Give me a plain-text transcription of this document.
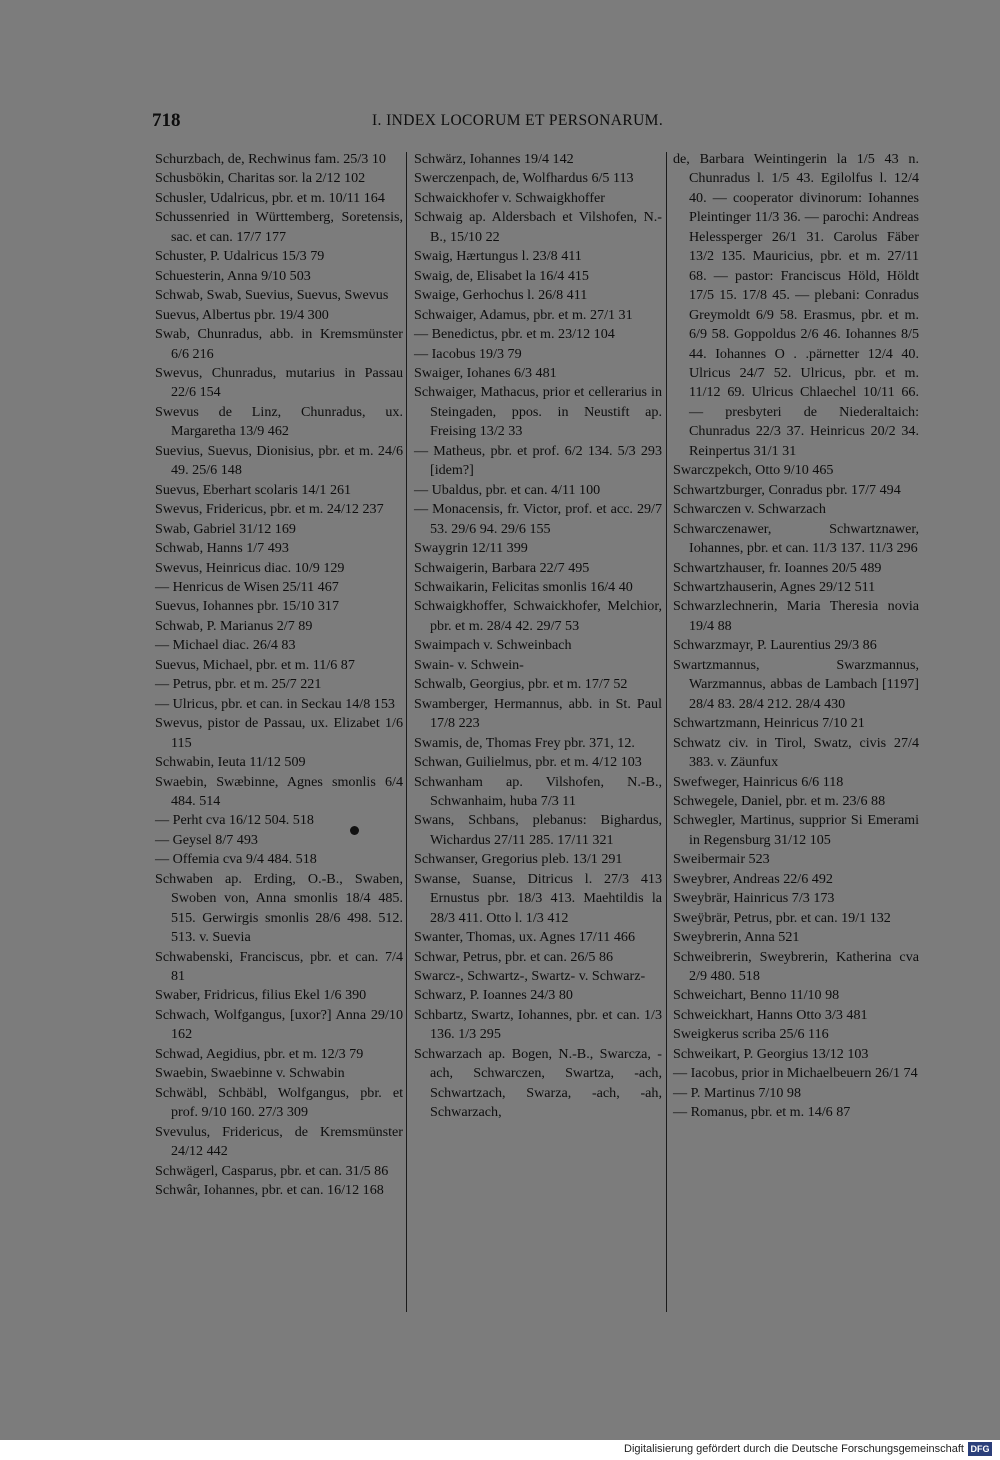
718	I. INDEX LOCORUM ET PERSONARUM.
Schurzbach, de, Rechwinus fam. 25/3 10
Schusbökin, Charitas sor. la 2/12 102
Schusler, Udalricus, pbr. et m. 10/11 164
Schussenried in Württemberg, Soretensis, sac. et can. 17/7 177
Schuster, P. Udalricus 15/3 79
Schuesterin, Anna 9/10 503
Schwab, Swab, Suevius, Suevus, Swevus
Suevus, Albertus pbr. 19/4 300
Swab, Chunradus, abb. in Kremsmünster 6/6 216
Swevus, Chunradus, mutarius in Passau 22/6 154
Swevus de Linz, Chunradus, ux. Margaretha 13/9 462
Suevius, Suevus, Dionisius, pbr. et m. 24/6 49. 25/6 148
Suevus, Eberhart scolaris 14/1 261
Swevus, Fridericus, pbr. et m. 24/12 237
Swab, Gabriel 31/12 169
Schwab, Hanns 1/7 493
Swevus, Heinricus diac. 10/9 129
— Henricus de Wisen 25/11 467
Suevus, Iohannes pbr. 15/10 317
Schwab, P. Marianus 2/7 89
— Michael diac. 26/4 83
Suevus, Michael, pbr. et m. 11/6 87
— Petrus, pbr. et m. 25/7 221
— Ulricus, pbr. et can. in Seckau 14/8 153
Swevus, pistor de Passau, ux. Elizabet 1/6 115
Schwabin, Ieuta 11/12 509
Swaebin, Swæbinne, Agnes smonlis 6/4 484. 514
— Perht cva 16/12 504. 518
— Geysel 8/7 493
— Offemia cva 9/4 484. 518
Schwaben ap. Erding, O.-B., Swaben, Swoben von, Anna smonlis 18/4 485. 515. Gerwirgis smonlis 28/6 498. 512. 513. v. Suevia
Schwabenski, Franciscus, pbr. et can. 7/4 81
Swaber, Fridricus, filius Ekel 1/6 390
Schwach, Wolfgangus, [uxor?] Anna 29/10 162
Schwad, Aegidius, pbr. et m. 12/3 79
Swaebin, Swaebinne v. Schwabin
Schwäbl, Schbäbl, Wolfgangus, pbr. et prof. 9/10 160. 27/3 309
Svevulus, Fridericus, de Kremsmünster 24/12 442
Schwägerl, Casparus, pbr. et can. 31/5 86
Schwâr, Iohannes, pbr. et can. 16/12 168
Schwärz, Iohannes 19/4 142
Swerczenpach, de, Wolfhardus 6/5 113
Schwaickhofer v. Schwaigkhoffer
Schwaig ap. Aldersbach et Vilshofen, N.-B., 15/10 22
Swaig, Hærtungus l. 23/8 411
Swaig, de, Elisabet la 16/4 415
Swaige, Gerhochus l. 26/8 411
Schwaiger, Adamus, pbr. et m. 27/1 31
— Benedictus, pbr. et m. 23/12 104
— Iacobus 19/3 79
Swaiger, Iohanes 6/3 481
Schwaiger, Mathacus, prior et cellerarius in Steingaden, ppos. in Neustift ap. Freising 13/2 33
— Matheus, pbr. et prof. 6/2 134. 5/3 293 [idem?]
— Ubaldus, pbr. et can. 4/11 100
— Monacensis, fr. Victor, prof. et acc. 29/7 53. 29/6 94. 29/6 155
Swaygrin 12/11 399
Schwaigerin, Barbara 22/7 495
Schwaikarin, Felicitas smonlis 16/4 40
Schwaigkhoffer, Schwaickhofer, Melchior, pbr. et m. 28/4 42. 29/7 53
Swaimpach v. Schweinbach
Swain- v. Schwein-
Schwalb, Georgius, pbr. et m. 17/7 52
Swamberger, Hermannus, abb. in St. Paul 17/8 223
Swamis, de, Thomas Frey pbr. 371, 12.
Schwan, Guilielmus, pbr. et m. 4/12 103
Schwanham ap. Vilshofen, N.-B., Schwanhaim, huba 7/3 11
Swans, Schbans, plebanus: Bighardus, Wichardus 27/11 285. 17/11 321
Schwanser, Gregorius pleb. 13/1 291
Swanse, Suanse, Ditricus l. 27/3 413 Ernustus pbr. 18/3 413. Maehtildis la 28/3 411. Otto l. 1/3 412
Swanter, Thomas, ux. Agnes 17/11 466
Schwar, Petrus, pbr. et can. 26/5 86
Swarcz-, Schwartz-, Swartz- v. Schwarz-
Schwarz, P. Ioannes 24/3 80
Schbartz, Swartz, Iohannes, pbr. et can. 1/3 136. 1/3 295
Schwarzach ap. Bogen, N.-B., Swarcza, -ach, Schwarczen, Swartza, -ach, Schwartzach, Swarza, -ach, -ah, Schwarzach,
de, Barbara Weintingerin la 1/5 43 n. Chunradus l. 1/5 43. Egilolfus l. 12/4 40. — cooperator divinorum: Iohannes Pleintinger 11/3 36. — parochi: Andreas Helessperger 26/1 31. Carolus Fäber 13/2 135. Mauricius, pbr. et m. 27/11 68. — pastor: Franciscus Höld, Höldt 17/5 15. 17/8 45. — plebani: Conradus Greymoldt 6/9 58. Erasmus, pbr. et m. 6/9 58. Goppoldus 2/6 46. Iohannes 8/5 44. Iohannes O . .pärnetter 12/4 40. Ulricus 24/7 52. Ulricus, pbr. et m. 11/12 69. Ulricus Chlaechel 10/11 66. — presbyteri de Niederaltaich: Chunradus 22/3 37. Heinricus 20/2 34. Reinpertus 31/1 31
Swarczpekch, Otto 9/10 465
Schwartzburger, Conradus pbr. 17/7 494
Schwarczen v. Schwarzach
Schwarczenawer, Schwartznawer, Iohannes, pbr. et can. 11/3 137. 11/3 296
Schwartzhauser, fr. Ioannes 20/5 489
Schwartzhauserin, Agnes 29/12 511
Schwarzlechnerin, Maria Theresia novia 19/4 88
Schwarzmayr, P. Laurentius 29/3 86
Swartzmannus, Swarzmannus, Warzmannus, abbas de Lambach [1197] 28/4 83. 28/4 212. 28/4 430
Schwartzmann, Heinricus 7/10 21
Schwatz civ. in Tirol, Swatz, civis 27/4 383. v. Zäunfux
Swefweger, Hainricus 6/6 118
Schwegele, Daniel, pbr. et m. 23/6 88
Schwegler, Martinus, supprior Si Emerami in Regensburg 31/12 105
Sweibermair 523
Sweybrer, Andreas 22/6 492
Sweybrär, Hainricus 7/3 173
Sweÿbrär, Petrus, pbr. et can. 19/1 132
Sweybrerin, Anna 521
Schweibrerin, Sweybrerin, Katherina cva 2/9 480. 518
Schweichart, Benno 11/10 98
Schweickhart, Hanns Otto 3/3 481
Sweigkerus scriba 25/6 116
Schweikart, P. Georgius 13/12 103
— Iacobus, prior in Michaelbeuern 26/1 74
— P. Martinus 7/10 98
— Romanus, pbr. et m. 14/6 87
Digitalisierung gefördert durch die Deutsche Forschungsgemeinschaft DFG
